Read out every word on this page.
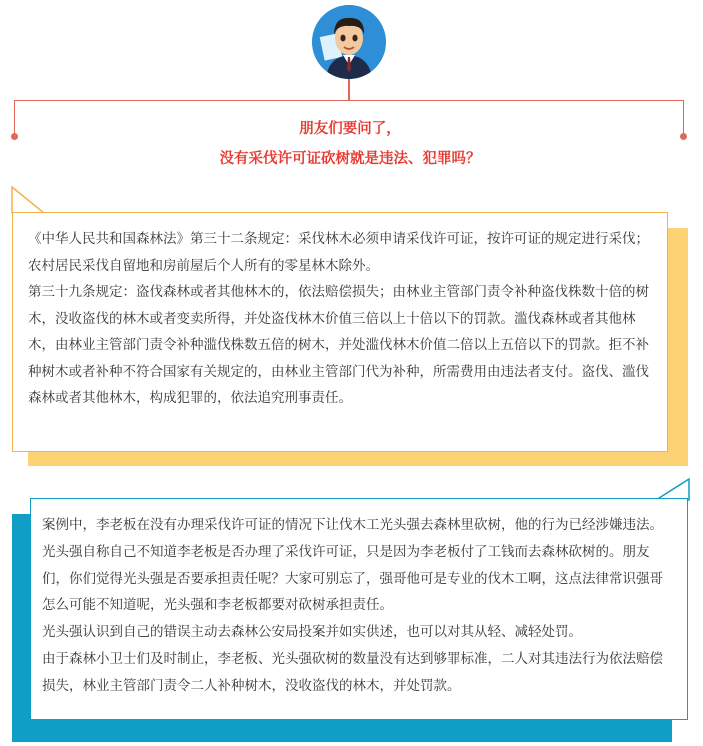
朋友们要问了，
没有采伐许可证砍树就是违法、犯罪吗？

《中华人民共和国森林法》第三十二条规定：采伐林木必须申请采伐许可证，按许可证的规定进行采伐；农村居民采伐自留地和房前屋后个人所有的零星林木除外。

第三十九条规定：盗伐森林或者其他林木的，依法赔偿损失；由林业主管部门责令补种盗伐株数十倍的树木，没收盗伐的林木或者变卖所得，并处盗伐林木价值三倍以上十倍以下的罚款。滥伐森林或者其他林木，由林业主管部门责令补种滥伐株数五倍的树木，并处滥伐林木价值二倍以上五倍以下的罚款。拒不补种树木或者补种不符合国家有关规定的，由林业主管部门代为补种，所需费用由违法者支付。盗伐、滥伐森林或者其他林木，构成犯罪的，依法追究刑事责任。

案例中，李老板在没有办理采伐许可证的情况下让伐木工光头强去森林里砍树，他的行为已经涉嫌违法。光头强自称自己不知道李老板是否办理了采伐许可证，只是因为李老板付了工钱而去森林砍树的。朋友们，你们觉得光头强是否要承担责任呢？大家可别忘了，强哥他可是专业的伐木工啊，这点法律常识强哥怎么可能不知道呢，光头强和李老板都要对砍树承担责任。

光头强认识到自己的错误主动去森林公安局投案并如实供述，也可以对其从轻、减轻处罚。

由于森林小卫士们及时制止，李老板、光头强砍树的数量没有达到够罪标准，二人对其违法行为依法赔偿损失，林业主管部门责令二人补种树木，没收盗伐的林木，并处罚款。
